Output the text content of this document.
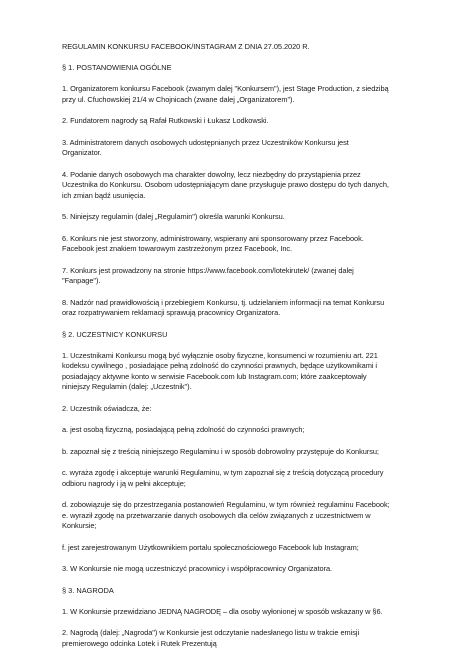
REGULAMIN KONKURSU FACEBOOK/INSTAGRAM Z DNIA 27.05.2020 R.
§ 1. POSTANOWIENIA OGÓLNE
1. Organizatorem konkursu Facebook (zwanym dalej "Konkursem"), jest Stage Production, z siedzibą
przy ul. Cfuchowskiej 21/4 w Chojnicach (zwane dalej „Organizatorem").
2. Fundatorem nagrody są Rafał Rutkowski i Łukasz Lodkowski.
3. Administratorem danych osobowych udostępnianych przez Uczestników Konkursu jest
Organizator.
4. Podanie danych osobowych ma charakter dowolny, lecz niezbędny do przystąpienia przez
Uczestnika do Konkursu. Osobom udostępniającym dane przysługuje prawo dostępu do tych danych,
ich zmian bądź usunięcia.
5. Niniejszy regulamin (dalej „Regulamin") określa warunki Konkursu.
6. Konkurs nie jest stworzony, administrowany, wspierany ani sponsorowany przez Facebook.
Facebook jest znakiem towarowym zastrzeżonym przez Facebook, Inc.
7. Konkurs jest prowadzony na stronie https://www.facebook.com/lotekirutek/ (zwanej dalej
"Fanpage").
8. Nadzór nad prawidłowością i przebiegiem Konkursu, tj. udzielaniem informacji na temat Konkursu
oraz rozpatrywaniem reklamacji sprawują pracownicy Organizatora.
§ 2. UCZESTNICY KONKURSU
1. Uczestnikami Konkursu mogą być wyłącznie osoby fizyczne, konsumenci w rozumieniu art. 221
kodeksu cywilnego , posiadające pełną zdolność do czynności prawnych, będące użytkownikami i
posiadający aktywne konto w serwisie Facebook.com lub Instagram.com; które zaakceptowały
niniejszy Regulamin (dalej: „Uczestnik").
2. Uczestnik oświadcza, że:
a. jest osobą fizyczną, posiadającą pełną zdolność do czynności prawnych;
b. zapoznał się z treścią niniejszego Regulaminu i w sposób dobrowolny przystępuje do Konkursu;
c. wyraża zgodę i akceptuje warunki Regulaminu, w tym zapoznał się z treścią dotyczącą procedury
odbioru nagrody i ją w pełni akceptuje;
d. zobowiązuje się do przestrzegania postanowień Regulaminu, w tym również regulaminu Facebook;
e. wyraził zgodę na przetwarzanie danych osobowych dla celów związanych z uczestnictwem w
Konkursie;
f. jest zarejestrowanym Użytkownikiem portalu społecznościowego Facebook lub Instagram;
3. W Konkursie nie mogą uczestniczyć pracownicy i współpracownicy Organizatora.
§ 3. NAGRODA
1. W Konkursie przewidziano JEDNĄ NAGRODĘ – dla osoby wyłonionej w sposób wskazany w §6.
2. Nagrodą (dalej: „Nagroda") w Konkursie jest odczytanie nadesłanego listu w trakcie emisji
premierowego odcinka Lotek i Rutek Prezentują
